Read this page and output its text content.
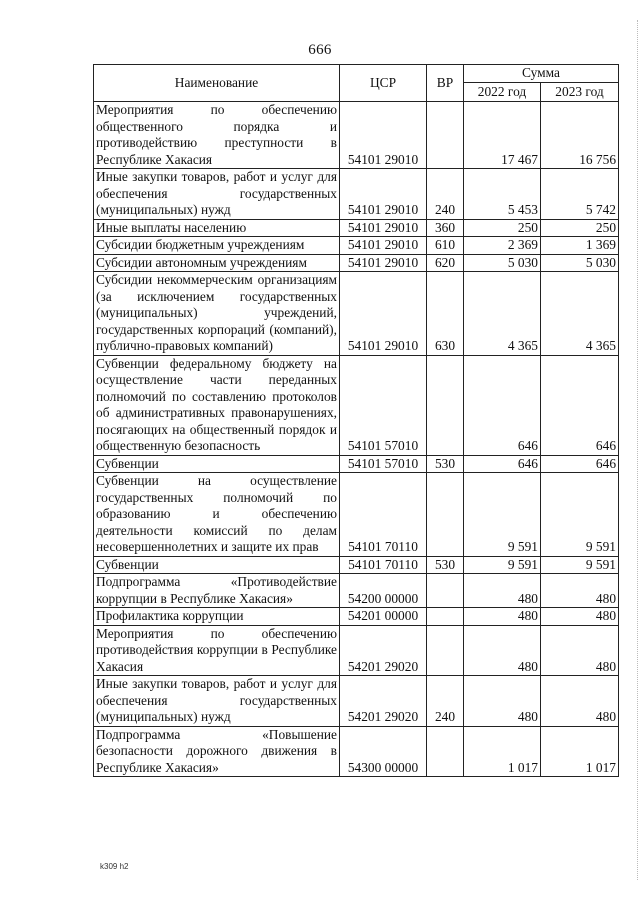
666
Наименование	ЦСР	ВР	Сумма	
			2022 год	2023 год
Мероприятия по обеспечению общественного порядка и противодействию преступности в Республике Хакасия	54101 29010		17 467	16 756
Иные закупки товаров, работ и услуг для обеспечения государственных (муниципальных) нужд	54101 29010	240	5 453	5 742
Иные выплаты населению	54101 29010	360	250	250
Субсидии бюджетным учреждениям	54101 29010	610	2 369	1 369
Субсидии автономным учреждениям	54101 29010	620	5 030	5 030
Субсидии некоммерческим организациям (за исключением государственных (муниципальных) учреждений, государственных корпораций (компаний), публично-правовых компаний)	54101 29010	630	4 365	4 365
Субвенции федеральному бюджету на осуществление части переданных полномочий по составлению протоколов об административных правонарушениях, посягающих на общественный порядок и общественную безопасность	54101 57010		646	646
Субвенции	54101 57010	530	646	646
Субвенции на осуществление государственных полномочий по образованию и обеспечению деятельности комиссий по делам несовершеннолетних и защите их прав	54101 70110		9 591	9 591
Субвенции	54101 70110	530	9 591	9 591
Подпрограмма «Противодействие коррупции в Республике Хакасия»	54200 00000		480	480
Профилактика коррупции	54201 00000		480	480
Мероприятия по обеспечению противодействия коррупции в Республике Хакасия	54201 29020		480	480
Иные закупки товаров, работ и услуг для обеспечения государственных (муниципальных) нужд	54201 29020	240	480	480
Подпрограмма «Повышение безопасности дорожного движения в Республике Хакасия»	54300 00000		1 017	1 017
k309 h2
